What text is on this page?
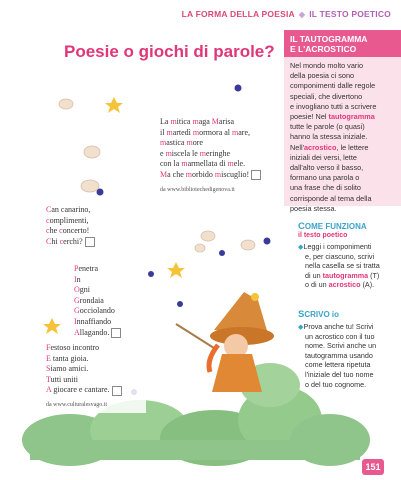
LA FORMA DELLA POESIA ◆ IL TESTO POETICO
Poesie o giochi di parole?
IL TAUTOGRAMMA
E L'ACROSTICO
Nel mondo molto vario
della poesia ci sono
componimenti dalle regole
speciali, che divertono
e invogliano tutti a scrivere
poesie! Nel tautogramma
tutte le parole (o quasi)
hanno la stessa iniziale.
Nell'acrostico, le lettere
iniziali dei versi, lette
dall'alto verso il basso,
formano una parola o
una frase che di solito
corrisponde al tema della
poesia stessa.
La mitica maga Marisa
il martedì mormora al mare,
mastica more
e miscela le meringhe
con la marmellata di mele.
Ma che morbido miscuglio!
da www.bibliotechedigenova.it
Can canarino,
complimenti,
che concerto!
Chi cerchi?
Penetra
In
Ogni
Grondaia
Gocciolando
Innaffiando
Allagando.
Festoso incontro
E tanta gioia.
Siamo amici.
Tutti uniti
A giocare e cantare.
da www.culturalesvago.it
COME FUNZIONA
il testo poetico
◆Leggi i componimenti
e, per ciascuno, scrivi
nella casella se si tratta
di un tautogramma (T)
o di un acrostico (A).
SCRIVO io
◆Prova anche tu! Scrivi
un acrostico con il tuo
nome. Scrivi anche un
tautogramma usando
come lettera ripetuta
l'iniziale del tuo nome
o del tuo cognome.
151
